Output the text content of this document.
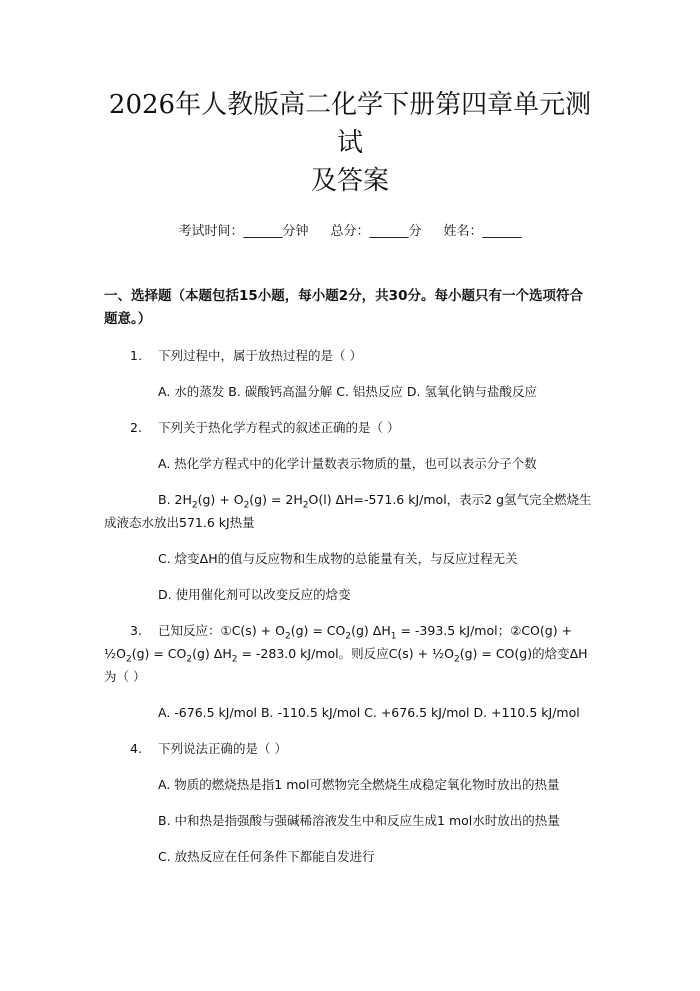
2026年人教版高二化学下册第四章单元测试
及答案
考试时间：______分钟 总分：______分 姓名：______
一、选择题（本题包括15小题，每小题2分，共30分。每小题只有一个选项符合题意。）
1. 下列过程中，属于放热过程的是（ ）
A. 水的蒸发 B. 碳酸钙高温分解 C. 铝热反应 D. 氢氧化钠与盐酸反应
2. 下列关于热化学方程式的叙述正确的是（ ）
A. 热化学方程式中的化学计量数表示物质的量，也可以表示分子个数
B. $2H_2(g) + O_2(g) = 2H_2O(l)$ ΔH=-571.6 kJ/mol，表示2 g氢气完全燃烧生成液态水放出571.6 kJ热量
C. 焓变ΔH的值与反应物和生成物的总能量有关，与反应过程无关
D. 使用催化剂可以改变反应的焓变
3. 已知反应：①C(s) + $O_2(g) = CO_2(g) \Delta H_1 = -393.5$ kJ/mol；②CO(g) + $\frac{1}{2}O_2(g) = CO_2(g) \Delta H_2 = -283.0$ kJ/mol。则反应$C(s) + \frac{1}{2}O_2(g) = CO(g)$的焓变ΔH为（ ）
A. -676.5 kJ/mol B. -110.5 kJ/mol C. +676.5 kJ/mol D. +110.5 kJ/mol
4. 下列说法正确的是（ ）
A. 物质的燃烧热是指1 mol可燃物完全燃烧生成稳定氧化物时放出的热量
B. 中和热是指强酸与强碱稀溶液发生中和反应生成1 mol水时放出的热量
C. 放热反应在任何条件下都能自发进行
